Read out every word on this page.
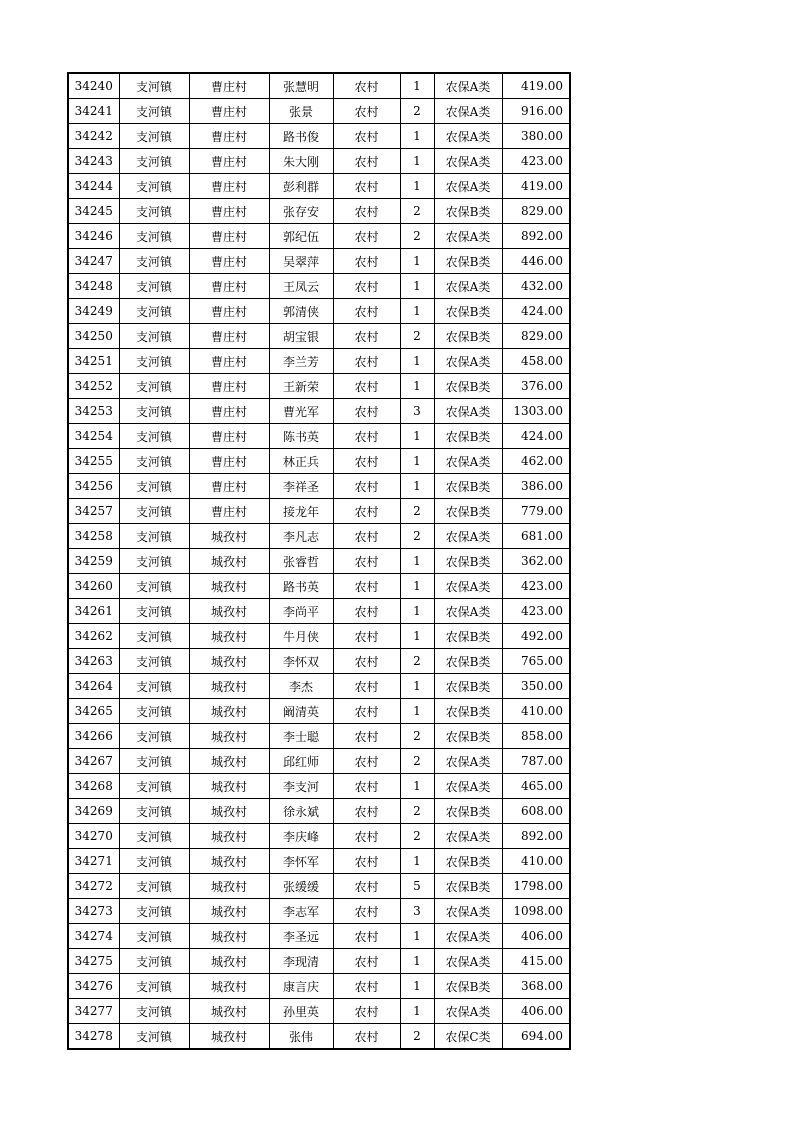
34240	支河镇	曹庄村	张慧明	农村	1	农保A类	419.00
34241	支河镇	曹庄村	张景	农村	2	农保A类	916.00
34242	支河镇	曹庄村	路书俊	农村	1	农保A类	380.00
34243	支河镇	曹庄村	朱大刚	农村	1	农保A类	423.00
34244	支河镇	曹庄村	彭利群	农村	1	农保A类	419.00
34245	支河镇	曹庄村	张存安	农村	2	农保B类	829.00
34246	支河镇	曹庄村	郭纪伍	农村	2	农保A类	892.00
34247	支河镇	曹庄村	吴翠萍	农村	1	农保B类	446.00
34248	支河镇	曹庄村	王凤云	农村	1	农保A类	432.00
34249	支河镇	曹庄村	郭清侠	农村	1	农保B类	424.00
34250	支河镇	曹庄村	胡宝银	农村	2	农保B类	829.00
34251	支河镇	曹庄村	李兰芳	农村	1	农保A类	458.00
34252	支河镇	曹庄村	王新荣	农村	1	农保B类	376.00
34253	支河镇	曹庄村	曹光军	农村	3	农保A类	1303.00
34254	支河镇	曹庄村	陈书英	农村	1	农保B类	424.00
34255	支河镇	曹庄村	林正兵	农村	1	农保A类	462.00
34256	支河镇	曹庄村	李祥圣	农村	1	农保B类	386.00
34257	支河镇	曹庄村	接龙年	农村	2	农保B类	779.00
34258	支河镇	城孜村	李凡志	农村	2	农保A类	681.00
34259	支河镇	城孜村	张睿哲	农村	1	农保B类	362.00
34260	支河镇	城孜村	路书英	农村	1	农保A类	423.00
34261	支河镇	城孜村	李尚平	农村	1	农保A类	423.00
34262	支河镇	城孜村	牛月侠	农村	1	农保B类	492.00
34263	支河镇	城孜村	李怀双	农村	2	农保B类	765.00
34264	支河镇	城孜村	李杰	农村	1	农保B类	350.00
34265	支河镇	城孜村	阚清英	农村	1	农保B类	410.00
34266	支河镇	城孜村	李士聪	农村	2	农保B类	858.00
34267	支河镇	城孜村	邱红师	农村	2	农保A类	787.00
34268	支河镇	城孜村	李支河	农村	1	农保A类	465.00
34269	支河镇	城孜村	徐永斌	农村	2	农保B类	608.00
34270	支河镇	城孜村	李庆峰	农村	2	农保A类	892.00
34271	支河镇	城孜村	李怀军	农村	1	农保B类	410.00
34272	支河镇	城孜村	张缓缓	农村	5	农保B类	1798.00
34273	支河镇	城孜村	李志军	农村	3	农保A类	1098.00
34274	支河镇	城孜村	李圣远	农村	1	农保A类	406.00
34275	支河镇	城孜村	李现清	农村	1	农保A类	415.00
34276	支河镇	城孜村	康言庆	农村	1	农保B类	368.00
34277	支河镇	城孜村	孙里英	农村	1	农保A类	406.00
34278	支河镇	城孜村	张伟	农村	2	农保C类	694.00
